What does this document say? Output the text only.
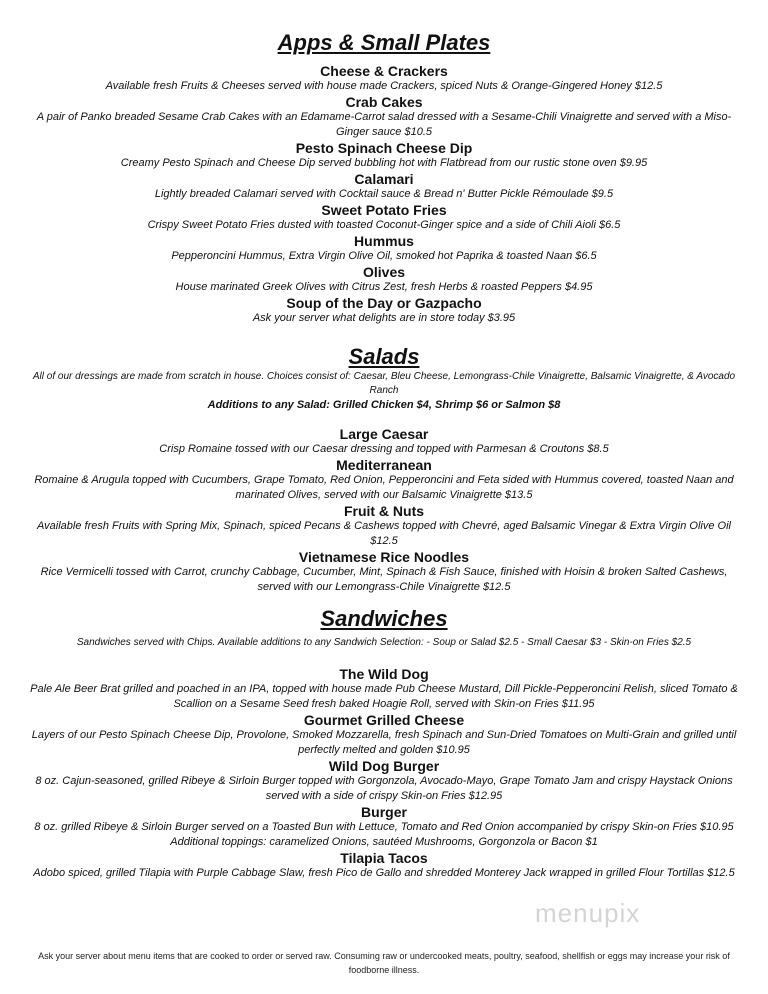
Apps & Small Plates
Cheese & Crackers
Available fresh Fruits & Cheeses served with house made Crackers, spiced Nuts & Orange-Gingered Honey $12.5
Crab Cakes
A pair of Panko breaded Sesame Crab Cakes with an Edamame-Carrot salad dressed with a Sesame-Chili Vinaigrette and served with a Miso-Ginger sauce $10.5
Pesto Spinach Cheese Dip
Creamy Pesto Spinach and Cheese Dip served bubbling hot with Flatbread from our rustic stone oven $9.95
Calamari
Lightly breaded Calamari served with Cocktail sauce & Bread n' Butter Pickle Rémoulade $9.5
Sweet Potato Fries
Crispy Sweet Potato Fries dusted with toasted Coconut-Ginger spice and a side of Chili Aioli $6.5
Hummus
Pepperoncini Hummus, Extra Virgin Olive Oil, smoked hot Paprika & toasted Naan $6.5
Olives
House marinated Greek Olives with Citrus Zest, fresh Herbs & roasted Peppers $4.95
Soup of the Day or Gazpacho
Ask your server what delights are in store today $3.95
Salads
All of our dressings are made from scratch in house. Choices consist of: Caesar, Bleu Cheese, Lemongrass-Chile Vinaigrette, Balsamic Vinaigrette, & Avocado Ranch
Additions to any Salad: Grilled Chicken $4, Shrimp $6 or Salmon $8
Large Caesar
Crisp Romaine tossed with our Caesar dressing and topped with Parmesan & Croutons $8.5
Mediterranean
Romaine & Arugula topped with Cucumbers, Grape Tomato, Red Onion, Pepperoncini and Feta sided with Hummus covered, toasted Naan and marinated Olives, served with our Balsamic Vinaigrette $13.5
Fruit & Nuts
Available fresh Fruits with Spring Mix, Spinach, spiced Pecans & Cashews topped with Chevré, aged Balsamic Vinegar & Extra Virgin Olive Oil $12.5
Vietnamese Rice Noodles
Rice Vermicelli tossed with Carrot, crunchy Cabbage, Cucumber, Mint, Spinach & Fish Sauce, finished with Hoisin & broken Salted Cashews, served with our Lemongrass-Chile Vinaigrette $12.5
Sandwiches
Sandwiches served with Chips. Available additions to any Sandwich Selection: - Soup or Salad $2.5 - Small Caesar $3 - Skin-on Fries $2.5
The Wild Dog
Pale Ale Beer Brat grilled and poached in an IPA, topped with house made Pub Cheese Mustard, Dill Pickle-Pepperoncini Relish, sliced Tomato & Scallion on a Sesame Seed fresh baked Hoagie Roll, served with Skin-on Fries $11.95
Gourmet Grilled Cheese
Layers of our Pesto Spinach Cheese Dip, Provolone, Smoked Mozzarella, fresh Spinach and Sun-Dried Tomatoes on Multi-Grain and grilled until perfectly melted and golden $10.95
Wild Dog Burger
8 oz. Cajun-seasoned, grilled Ribeye & Sirloin Burger topped with Gorgonzola, Avocado-Mayo, Grape Tomato Jam and crispy Haystack Onions served with a side of crispy Skin-on Fries $12.95
Burger
8 oz. grilled Ribeye & Sirloin Burger served on a Toasted Bun with Lettuce, Tomato and Red Onion accompanied by crispy Skin-on Fries $10.95
Additional toppings: caramelized Onions, sautéed Mushrooms, Gorgonzola or Bacon $1
Tilapia Tacos
Adobo spiced, grilled Tilapia with Purple Cabbage Slaw, fresh Pico de Gallo and shredded Monterey Jack wrapped in grilled Flour Tortillas $12.5
menupix
Ask your server about menu items that are cooked to order or served raw. Consuming raw or undercooked meats, poultry, seafood, shellfish or eggs may increase your risk of foodborne illness.
